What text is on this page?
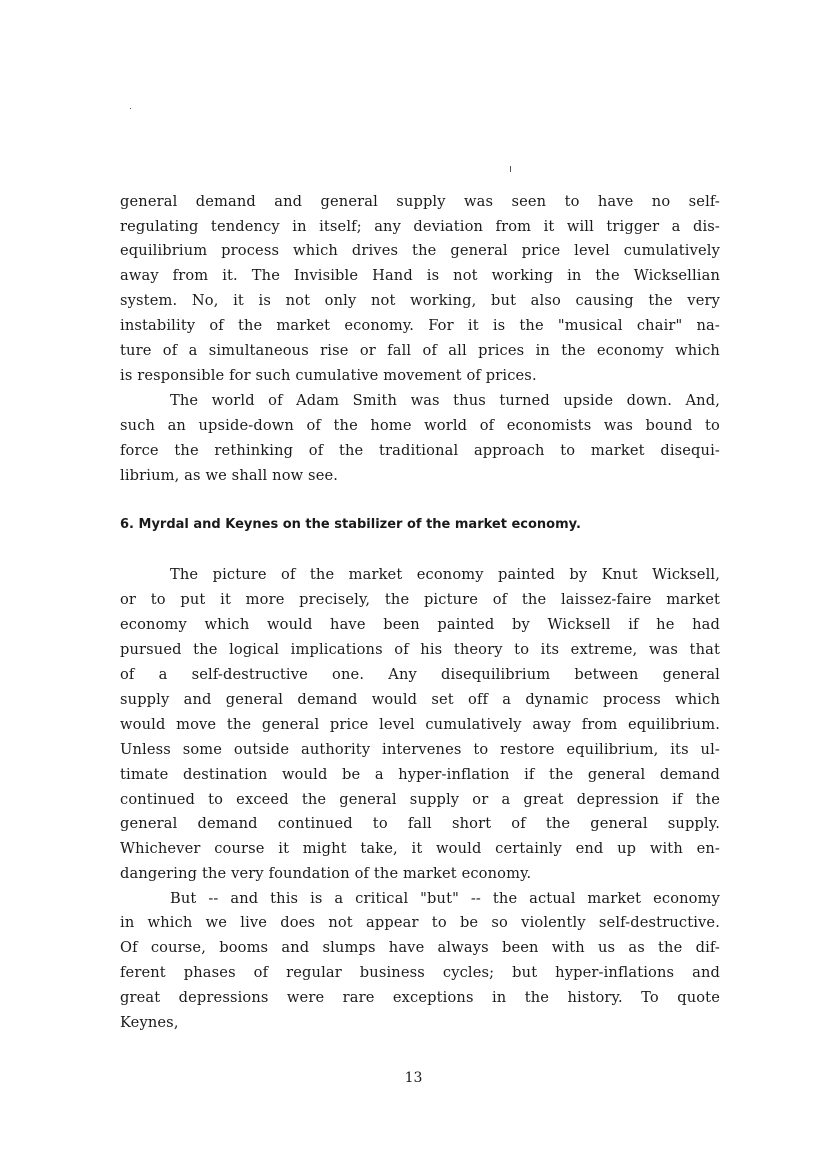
general demand and general supply was seen to have no self-
regulating tendency in itself; any deviation from it will trigger a dis-
equilibrium process which drives the general price level cumulatively
away from it. The Invisible Hand is not working in the Wicksellian
system. No, it is not only not working, but also causing the very
instability of the market economy. For it is the "musical chair" na-
ture of a simultaneous rise or fall of all prices in the economy which
is responsible for such cumulative movement of prices.
The world of Adam Smith was thus turned upside down. And,
such an upside-down of the home world of economists was bound to
force the rethinking of the traditional approach to market disequi-
librium, as we shall now see.
6. Myrdal and Keynes on the stabilizer of the market economy.
The picture of the market economy painted by Knut Wicksell,
or to put it more precisely, the picture of the laissez-faire market
economy which would have been painted by Wicksell if he had
pursued the logical implications of his theory to its extreme, was that
of a self-destructive one. Any disequilibrium between general
supply and general demand would set off a dynamic process which
would move the general price level cumulatively away from equilibrium.
Unless some outside authority intervenes to restore equilibrium, its ul-
timate destination would be a hyper-inflation if the general demand
continued to exceed the general supply or a great depression if the
general demand continued to fall short of the general supply.
Whichever course it might take, it would certainly end up with en-
dangering the very foundation of the market economy.
But -- and this is a critical "but" -- the actual market economy
in which we live does not appear to be so violently self-destructive.
Of course, booms and slumps have always been with us as the dif-
ferent phases of regular business cycles; but hyper-inflations and
great depressions were rare exceptions in the history. To quote
Keynes,
13
